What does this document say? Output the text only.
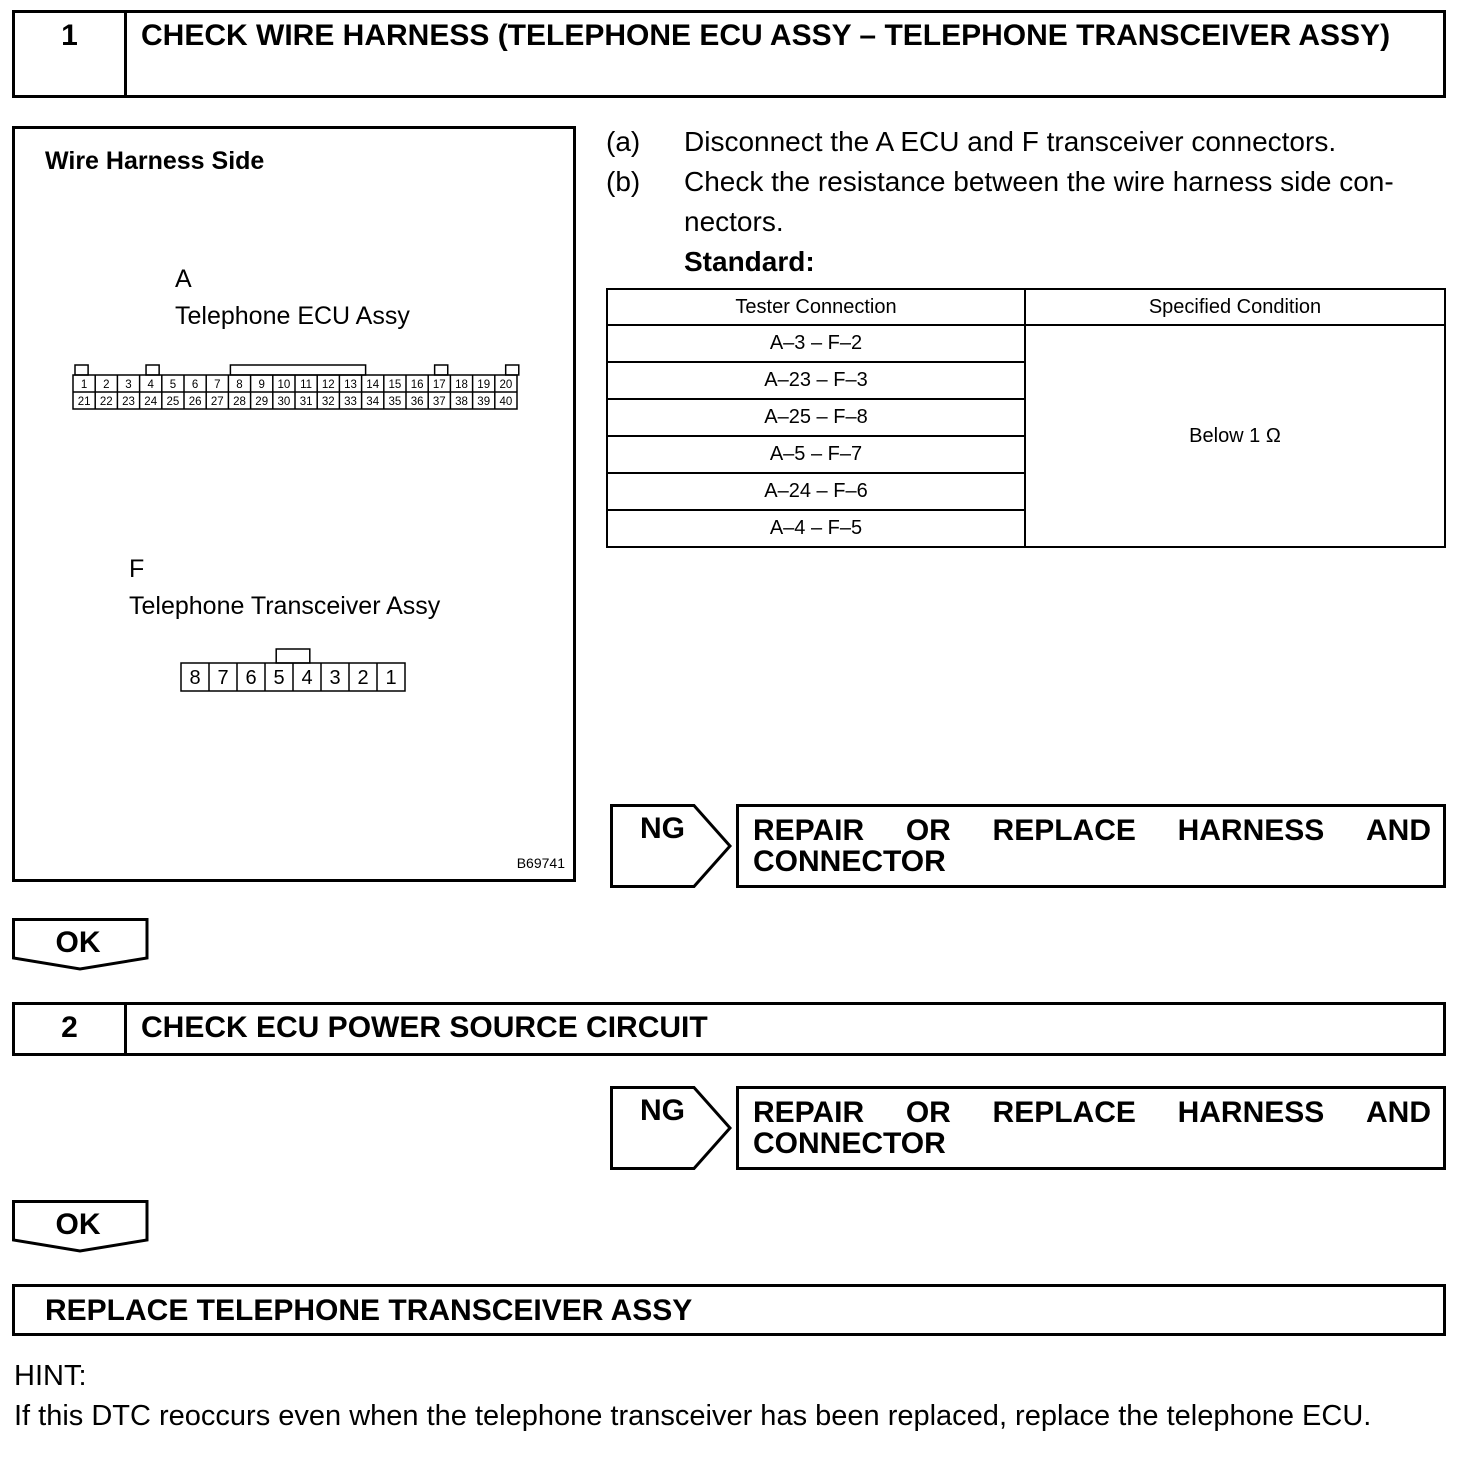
1	CHECK WIRE HARNESS (TELEPHONE ECU ASSY – TELEPHONE TRANSCEIVER ASSY)
Wire Harness Side
A
Telephone ECU Assy
1 2 3 4 5 6 7 8 9 10 11 12 13 14 15 16 17 18 19 20
21 22 23 24 25 26 27 28 29 30 31 32 33 34 35 36 37 38 39 40
F
Telephone Transceiver Assy
8 7 6 5 4 3 2 1
B69741
(a) Disconnect the A ECU and F transceiver connectors.
(b) Check the resistance between the wire harness side con-nectors.
Standard:
Tester Connection	Specified Condition
A–3 – F–2	Below 1 Ω
A–23 – F–3	
A–25 – F–8	
A–5 – F–7	
A–24 – F–6	
A–4 – F–5	
NG REPAIR OR REPLACE HARNESS AND
CONNECTOR
OK
2	CHECK ECU POWER SOURCE CIRCUIT
NG REPAIR OR REPLACE HARNESS AND
CONNECTOR
OK
REPLACE TELEPHONE TRANSCEIVER ASSY
HINT:
If this DTC reoccurs even when the telephone transceiver has been replaced, replace the telephone ECU.
